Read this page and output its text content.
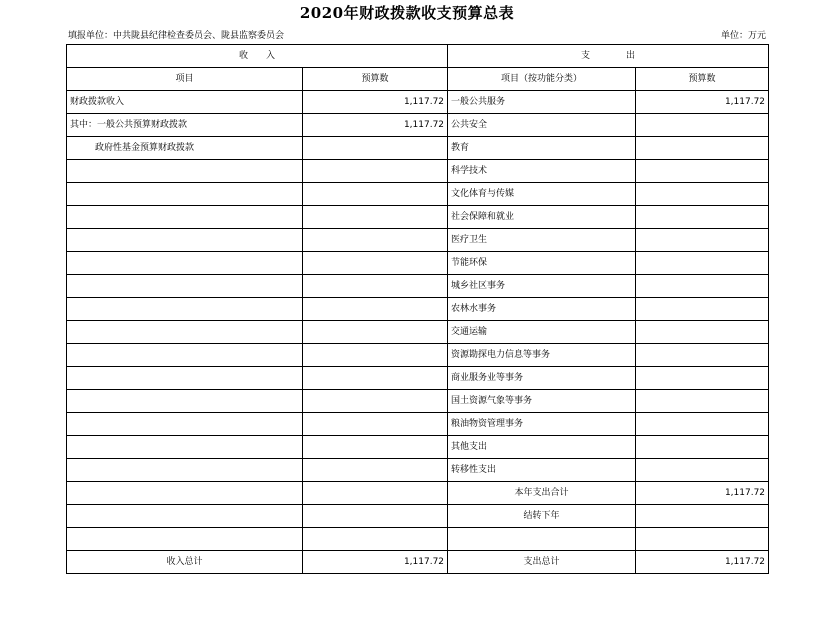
2020年财政拨款收支预算总表
填报单位：中共陇县纪律检查委员会、陇县监察委员会	单位：万元
收　　入		支　　　　出	
项目	预算数	项目（按功能分类）	预算数
财政拨款收入	1,117.72	一般公共服务	1,117.72
其中：一般公共预算财政拨款	1,117.72	公共安全	
政府性基金预算财政拨款		教育	
		科学技术	
		文化体育与传媒	
		社会保障和就业	
		医疗卫生	
		节能环保	
		城乡社区事务	
		农林水事务	
		交通运输	
		资源勘探电力信息等事务	
		商业服务业等事务	
		国土资源气象等事务	
		粮油物资管理事务	
		其他支出	
		转移性支出	
		本年支出合计	1,117.72
		结转下年	

收入总计	1,117.72	支出总计	1,117.72
